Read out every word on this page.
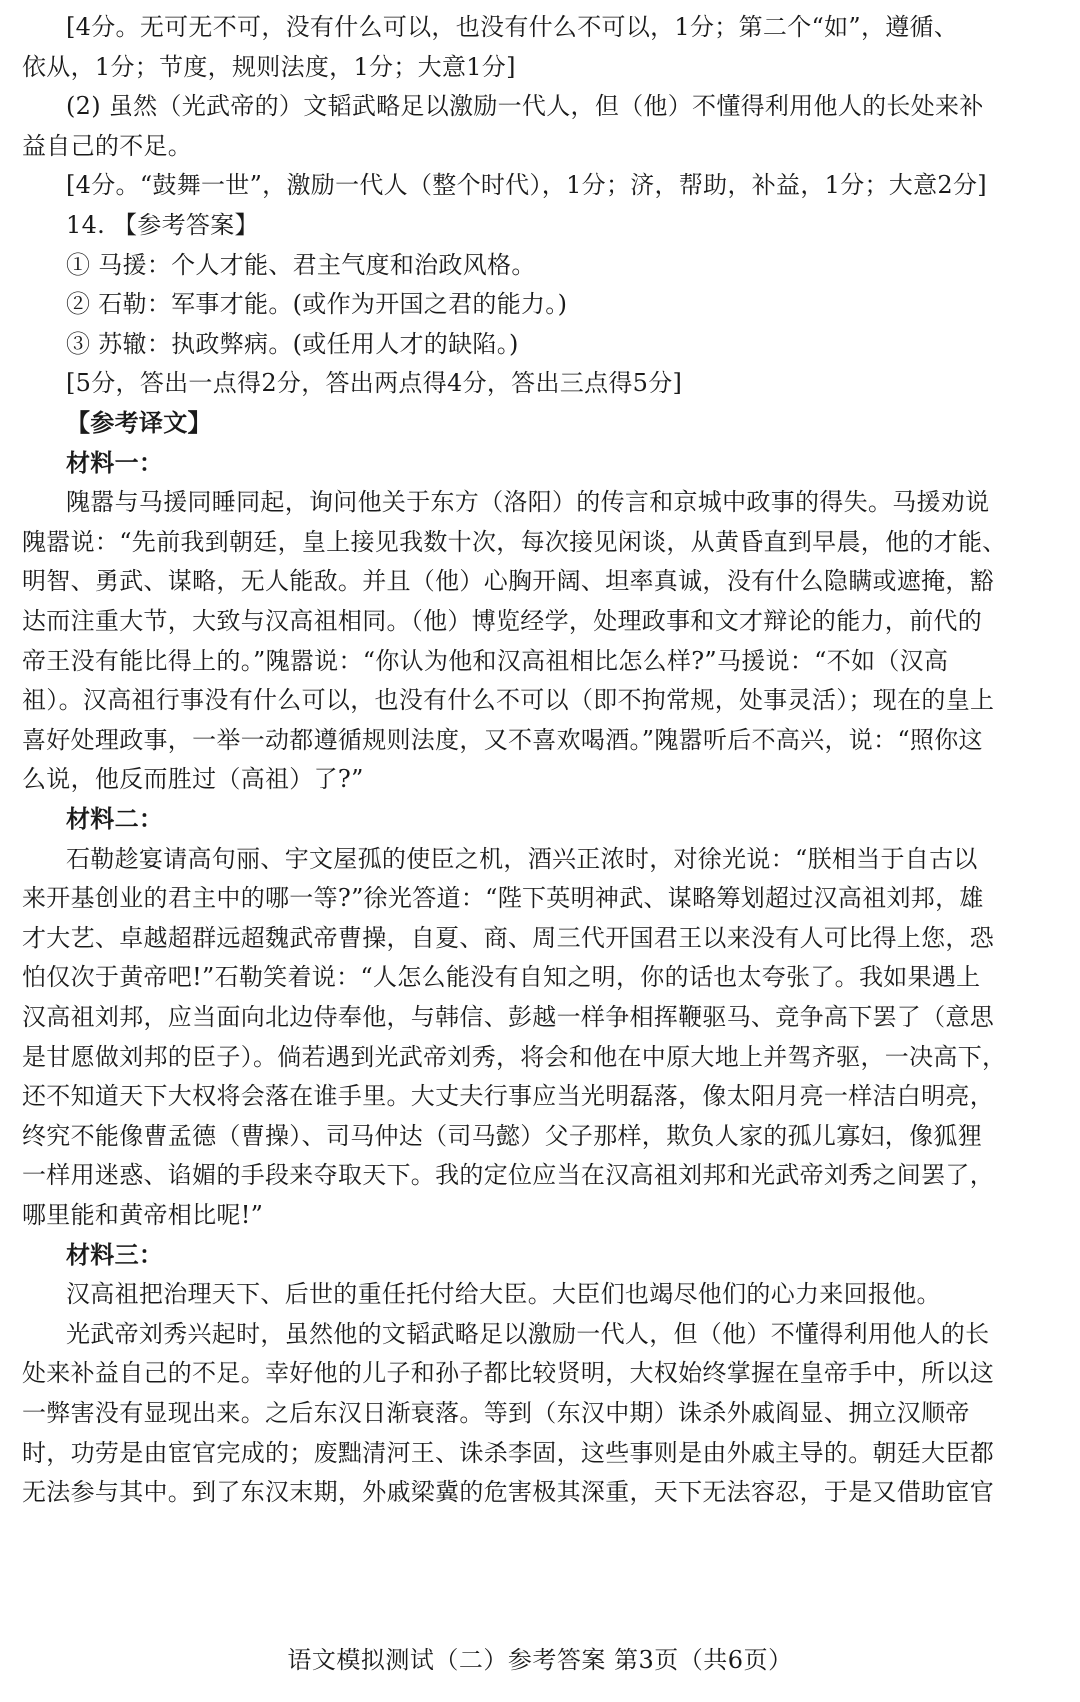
[4分。无可无不可，没有什么可以，也没有什么不可以，1分；第二个“如”，遵循、
依从，1分；节度，规则法度，1分；大意1分]
(2) 虽然（光武帝的）文韬武略足以激励一代人，但（他）不懂得利用他人的长处来补
益自己的不足。
[4分。“鼓舞一世”，激励一代人（整个时代），1分；济，帮助，补益，1分；大意2分]
14. 【参考答案】
① 马援：个人才能、君主气度和治政风格。
② 石勒：军事才能。(或作为开国之君的能力。)
③ 苏辙：执政弊病。(或任用人才的缺陷。)
[5分，答出一点得2分，答出两点得4分，答出三点得5分]
【参考译文】
材料一：
隗嚣与马援同睡同起，询问他关于东方（洛阳）的传言和京城中政事的得失。马援劝说
隗嚣说：“先前我到朝廷，皇上接见我数十次，每次接见闲谈，从黄昏直到早晨，他的才能、
明智、勇武、谋略，无人能敌。并且（他）心胸开阔、坦率真诚，没有什么隐瞒或遮掩，豁
达而注重大节，大致与汉高祖相同。（他）博览经学，处理政事和文才辩论的能力，前代的
帝王没有能比得上的。”隗嚣说：“你认为他和汉高祖相比怎么样?”马援说：“不如（汉高
祖）。汉高祖行事没有什么可以，也没有什么不可以（即不拘常规，处事灵活）；现在的皇上
喜好处理政事，一举一动都遵循规则法度，又不喜欢喝酒。”隗嚣听后不高兴，说：“照你这
么说，他反而胜过（高祖）了?”
材料二：
石勒趁宴请高句丽、宇文屋孤的使臣之机，酒兴正浓时，对徐光说：“朕相当于自古以
来开基创业的君主中的哪一等?”徐光答道：“陛下英明神武、谋略筹划超过汉高祖刘邦，雄
才大艺、卓越超群远超魏武帝曹操，自夏、商、周三代开国君王以来没有人可比得上您，恐
怕仅次于黄帝吧!”石勒笑着说：“人怎么能没有自知之明，你的话也太夸张了。我如果遇上
汉高祖刘邦，应当面向北边侍奉他，与韩信、彭越一样争相挥鞭驱马、竞争高下罢了（意思
是甘愿做刘邦的臣子）。倘若遇到光武帝刘秀，将会和他在中原大地上并驾齐驱，一决高下，
还不知道天下大权将会落在谁手里。大丈夫行事应当光明磊落，像太阳月亮一样洁白明亮，
终究不能像曹孟德（曹操）、司马仲达（司马懿）父子那样，欺负人家的孤儿寡妇，像狐狸
一样用迷惑、谄媚的手段来夺取天下。我的定位应当在汉高祖刘邦和光武帝刘秀之间罢了，
哪里能和黄帝相比呢!”
材料三：
汉高祖把治理天下、后世的重任托付给大臣。大臣们也竭尽他们的心力来回报他。
光武帝刘秀兴起时，虽然他的文韬武略足以激励一代人，但（他）不懂得利用他人的长
处来补益自己的不足。幸好他的儿子和孙子都比较贤明，大权始终掌握在皇帝手中，所以这
一弊害没有显现出来。之后东汉日渐衰落。等到（东汉中期）诛杀外戚阎显、拥立汉顺帝
时，功劳是由宦官完成的；废黜清河王、诛杀李固，这些事则是由外戚主导的。朝廷大臣都
无法参与其中。到了东汉末期，外戚梁冀的危害极其深重，天下无法容忍，于是又借助宦官
语文模拟测试（二）参考答案 第3页（共6页）
